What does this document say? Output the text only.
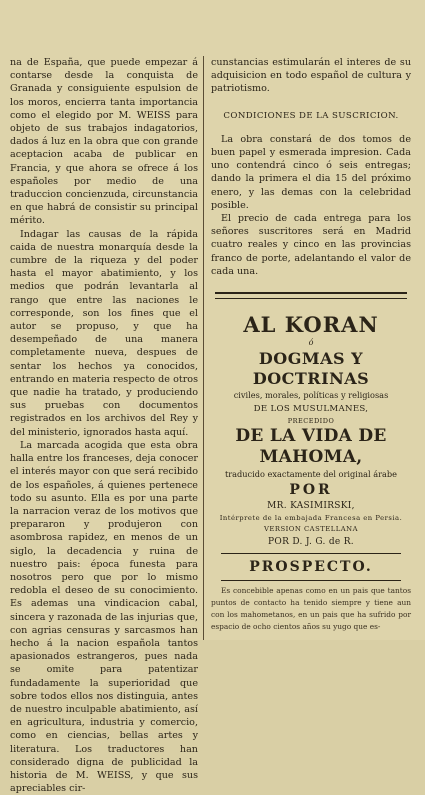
na de España, que puede empezar á contarse desde la conquista de Granada y consiguiente espulsion de los moros, encierra tanta importancia como el elegido por M. WEISS para objeto de sus trabajos indagatorios, dados á luz en la obra que con grande aceptacion acaba de publicar en Francia, y que ahora se ofrece á los españoles por medio de una traduccion concienzuda, circunstancia en que habrá de consistir su principal mérito.

Indagar las causas de la rápida caida de nuestra monarquía desde la cumbre de la riqueza y del poder hasta el mayor abatimiento, y los medios que podrán levantarla al rango que entre las naciones le corresponde, son los fines que el autor se propuso, y que ha desempeñado de una manera completamente nueva, despues de sentar los hechos ya conocidos, entrando en materia respecto de otros que nadie ha tratado, y produciendo sus pruebas con documentos registrados en los archivos del Rey y del ministerio, ignorados hasta aquí.

La marcada acogida que esta obra halla entre los franceses, deja conocer el interés mayor con que será recibido de los españoles, á quienes pertenece todo su asunto. Ella es por una parte la narracion veraz de los motivos que prepararon y produjeron con asombrosa rapidez, en menos de un siglo, la decadencia y ruina de nuestro pais: época funesta para nosotros pero que por lo mismo redobla el deseo de su conocimiento. Es ademas una vindicacion cabal, sincera y razonada de las injurias que, con agrias censuras y sarcasmos han hecho á la nacion española tantos apasionados estrangeros, pues nada se omite para patentizar fundadamente la superioridad que sobre todos ellos nos distinguia, antes de nuestro inculpable abatimiento, así en agricultura, industria y comercio, como en ciencias, bellas artes y literatura. Los traductores han considerado digna de publicidad la historia de M. WEISS, y que sus apreciables cir-

cunstancias estimularán el interes de su adquisicion en todo español de cultura y patriotismo.

CONDICIONES DE LA SUSCRICION.

La obra constará de dos tomos de buen papel y esmerada impresion. Cada uno contendrá cinco ó seis entregas; dando la primera el dia 15 del próximo enero, y las demas con la celebridad posible.

El precio de cada entrega para los señores suscritores será en Madrid cuatro reales y cinco en las provincias franco de porte, adelantando el valor de cada una.

AL KORAN
ó
DOGMAS Y DOCTRINAS
civiles, morales, políticas y religiosas
DE LOS MUSULMANES,
PRECEDIDO
DE LA VIDA DE MAHOMA,
traducido exactamente del original árabe
POR
MR. KASIMIRSKI,
Intérprete de la embajada Francesa en Persia.
VERSION CASTELLANA
POR D. J. G. de R.
PROSPECTO.

Es concebible apenas como en un pais que tantos puntos de contacto ha tenido siempre y tiene aun con los mahometanos, en un pais que ha sufrido por espacio de ocho cientos años su yugo que es-
